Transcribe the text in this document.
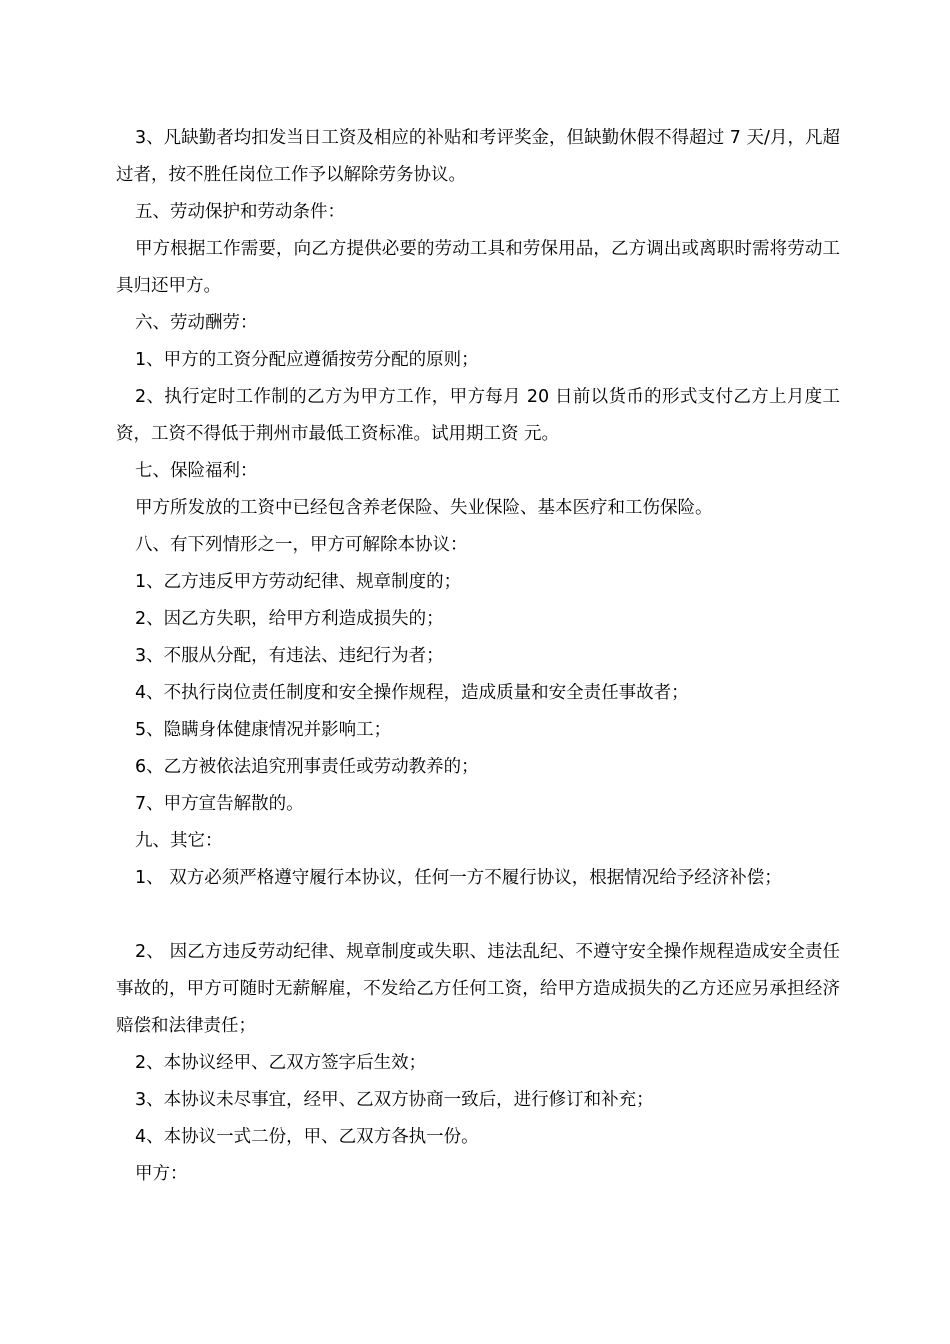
3、凡缺勤者均扣发当日工资及相应的补贴和考评奖金，但缺勤休假不得超过 7 天/月，凡超过者，按不胜任岗位工作予以解除劳务协议。

五、劳动保护和劳动条件：

甲方根据工作需要，向乙方提供必要的劳动工具和劳保用品，乙方调出或离职时需将劳动工具归还甲方。

六、劳动酬劳：

1、甲方的工资分配应遵循按劳分配的原则；

2、执行定时工作制的乙方为甲方工作，甲方每月 20 日前以货币的形式支付乙方上月度工资，工资不得低于荆州市最低工资标准。试用期工资 元。

七、保险福利：

甲方所发放的工资中已经包含养老保险、失业保险、基本医疗和工伤保险。

八、有下列情形之一，甲方可解除本协议：

1、乙方违反甲方劳动纪律、规章制度的；

2、因乙方失职，给甲方利造成损失的；

3、不服从分配，有违法、违纪行为者；

4、不执行岗位责任制度和安全操作规程，造成质量和安全责任事故者；

5、隐瞒身体健康情况并影响工；

6、乙方被依法追究刑事责任或劳动教养的；

7、甲方宣告解散的。

九、其它：

1、 双方必须严格遵守履行本协议，任何一方不履行协议，根据情况给予经济补偿；

2、 因乙方违反劳动纪律、规章制度或失职、违法乱纪、不遵守安全操作规程造成安全责任事故的，甲方可随时无薪解雇，不发给乙方任何工资，给甲方造成损失的乙方还应另承担经济赔偿和法律责任；

2、本协议经甲、乙双方签字后生效；

3、本协议未尽事宜，经甲、乙双方协商一致后，进行修订和补充；

4、本协议一式二份，甲、乙双方各执一份。

甲方：
